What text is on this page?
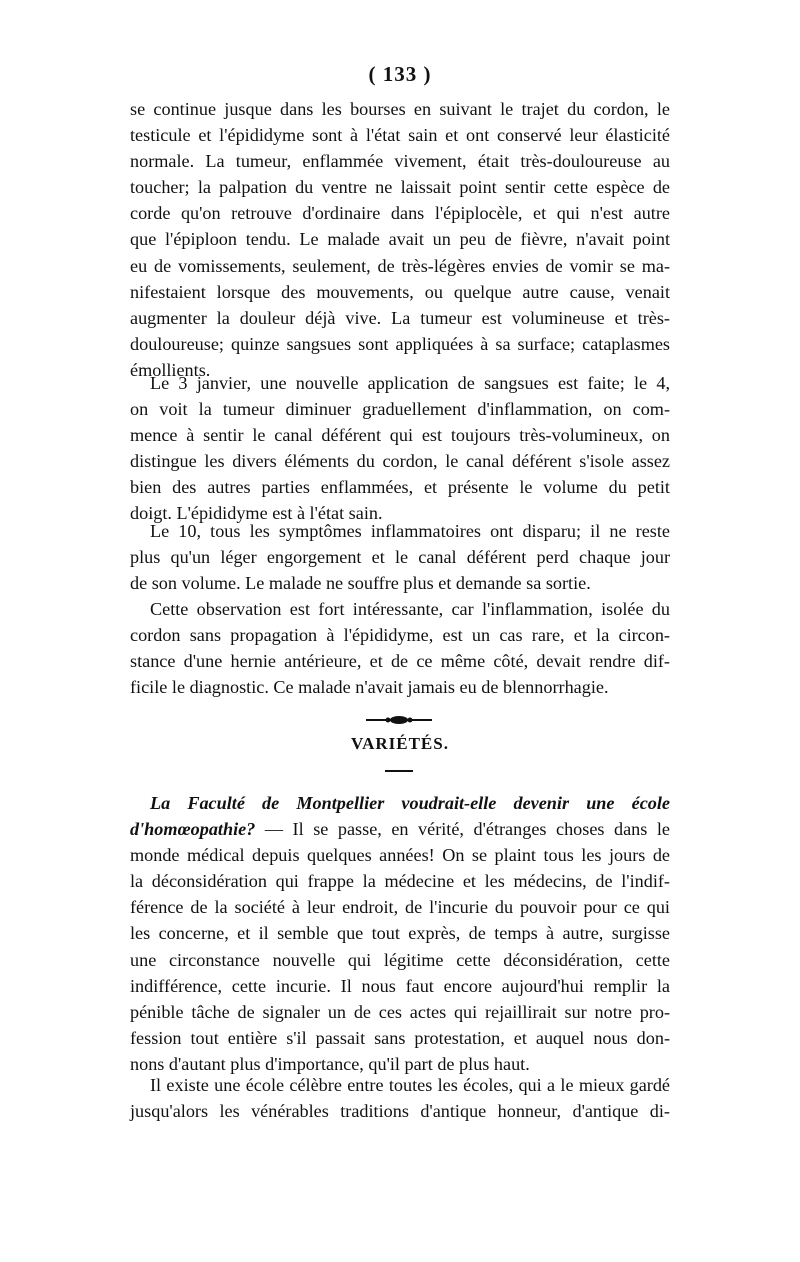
( 133 )
se continue jusque dans les bourses en suivant le trajet du cordon, le
testicule et l'épididyme sont à l'état sain et ont conservé leur élasticité
normale. La tumeur, enflammée vivement, était très-douloureuse au
toucher; la palpation du ventre ne laissait point sentir cette espèce de
corde qu'on retrouve d'ordinaire dans l'épiplocèle, et qui n'est autre
que l'épiploon tendu. Le malade avait un peu de fièvre, n'avait point
eu de vomissements, seulement, de très-légères envies de vomir se ma-
nifestaient lorsque des mouvements, ou quelque autre cause, venait
augmenter la douleur déjà vive. La tumeur est volumineuse et très-
douloureuse; quinze sangsues sont appliquées à sa surface; cataplasmes
émollients.
Le 3 janvier, une nouvelle application de sangsues est faite; le 4,
on voit la tumeur diminuer graduellement d'inflammation, on com-
mence à sentir le canal déférent qui est toujours très-volumineux, on
distingue les divers éléments du cordon, le canal déférent s'isole assez
bien des autres parties enflammées, et présente le volume du petit
doigt. L'épididyme est à l'état sain.
Le 10, tous les symptômes inflammatoires ont disparu; il ne reste
plus qu'un léger engorgement et le canal déférent perd chaque jour
de son volume. Le malade ne souffre plus et demande sa sortie.
Cette observation est fort intéressante, car l'inflammation, isolée du
cordon sans propagation à l'épididyme, est un cas rare, et la circon-
stance d'une hernie antérieure, et de ce même côté, devait rendre dif-
ficile le diagnostic. Ce malade n'avait jamais eu de blennorrhagie.
VARIÉTÉS.
La Faculté de Montpellier voudrait-elle devenir une école
d'homœopathie? — Il se passe, en vérité, d'étranges choses dans le
monde médical depuis quelques années! On se plaint tous les jours de
la déconsidération qui frappe la médecine et les médecins, de l'indif-
férence de la société à leur endroit, de l'incurie du pouvoir pour ce qui
les concerne, et il semble que tout exprès, de temps à autre, surgisse
une circonstance nouvelle qui légitime cette déconsidération, cette
indifférence, cette incurie. Il nous faut encore aujourd'hui remplir la
pénible tâche de signaler un de ces actes qui rejaillirait sur notre pro-
fession tout entière s'il passait sans protestation, et auquel nous don-
nons d'autant plus d'importance, qu'il part de plus haut.
Il existe une école célèbre entre toutes les écoles, qui a le mieux gardé
jusqu'alors les vénérables traditions d'antique honneur, d'antique di-
